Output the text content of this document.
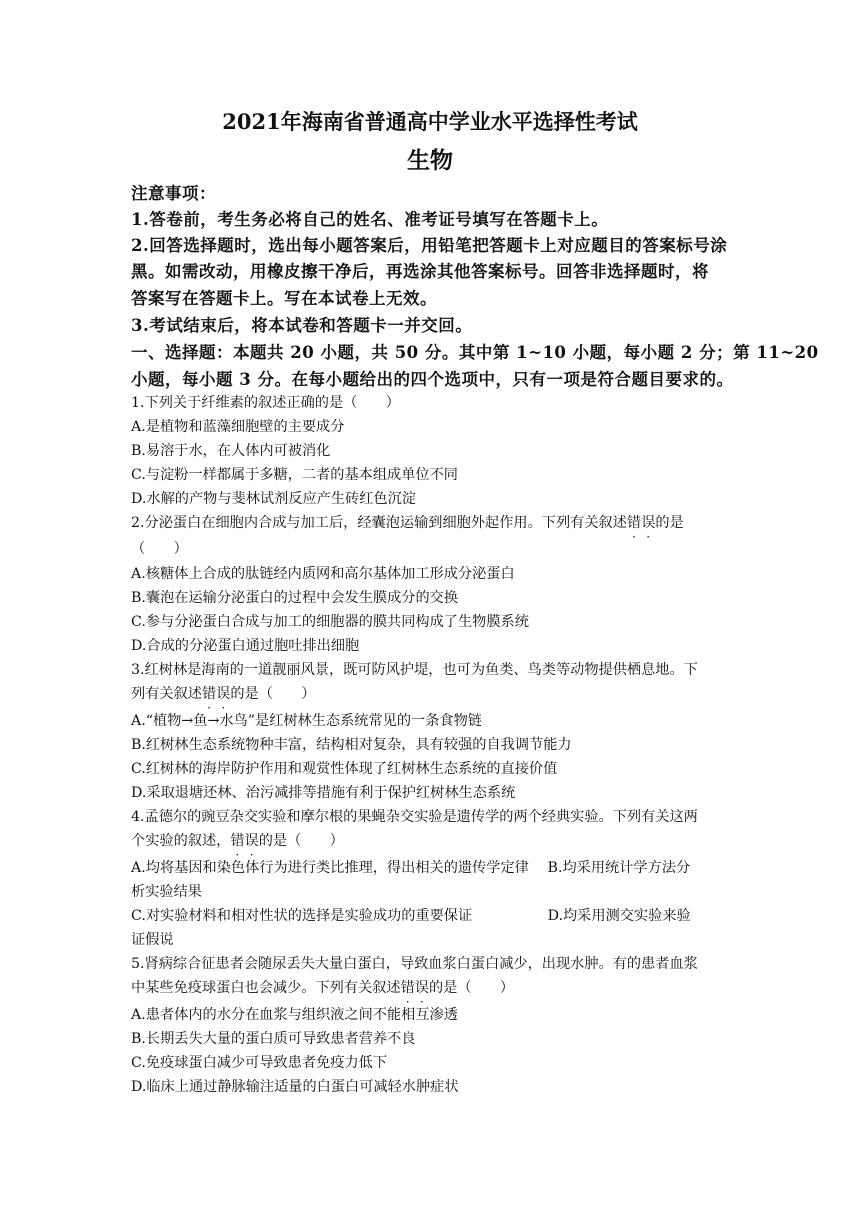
2021年海南省普通高中学业水平选择性考试
生物
注意事项：
1.答卷前，考生务必将自己的姓名、准考证号填写在答题卡上。
2.回答选择题时，选出每小题答案后，用铅笔把答题卡上对应题目的答案标号涂
黑。如需改动，用橡皮擦干净后，再选涂其他答案标号。回答非选择题时，将
答案写在答题卡上。写在本试卷上无效。
3.考试结束后，将本试卷和答题卡一并交回。
一、选择题：本题共 20 小题，共 50 分。其中第 1~10 小题，每小题 2 分；第 11~20
小题，每小题 3 分。在每小题给出的四个选项中，只有一项是符合题目要求的。
1.下列关于纤维素的叙述正确的是（　　）
A.是植物和蓝藻细胞壁的主要成分
B.易溶于水，在人体内可被消化
C.与淀粉一样都属于多糖，二者的基本组成单位不同
D.水解的产物与斐林试剂反应产生砖红色沉淀
2.分泌蛋白在细胞内合成与加工后，经囊泡运输到细胞外起作用。下列有关叙述错误的是
（　　）
A.核糖体上合成的肽链经内质网和高尔基体加工形成分泌蛋白
B.囊泡在运输分泌蛋白的过程中会发生膜成分的交换
C.参与分泌蛋白合成与加工的细胞器的膜共同构成了生物膜系统
D.合成的分泌蛋白通过胞吐排出细胞
3.红树林是海南的一道靓丽风景，既可防风护堤，也可为鱼类、鸟类等动物提供栖息地。下
列有关叙述错误的是（　　）
A.“植物→鱼→水鸟”是红树林生态系统常见的一条食物链
B.红树林生态系统物种丰富，结构相对复杂，具有较强的自我调节能力
C.红树林的海岸防护作用和观赏性体现了红树林生态系统的直接价值
D.采取退塘还林、治污减排等措施有利于保护红树林生态系统
4.孟德尔的豌豆杂交实验和摩尔根的果蝇杂交实验是遗传学的两个经典实验。下列有关这两
个实验的叙述，错误的是（　　）
A.均将基因和染色体行为进行类比推理，得出相关的遗传学定律　 B.均采用统计学方法分
析实验结果
C.对实验材料和相对性状的选择是实验成功的重要保证　　　　　 D.均采用测交实验来验
证假说
5.肾病综合征患者会随尿丢失大量白蛋白，导致血浆白蛋白减少，出现水肿。有的患者血浆
中某些免疫球蛋白也会减少。下列有关叙述错误的是（　　）
A.患者体内的水分在血浆与组织液之间不能相互渗透
B.长期丢失大量的蛋白质可导致患者营养不良
C.免疫球蛋白减少可导致患者免疫力低下
D.临床上通过静脉输注适量的白蛋白可减轻水肿症状
